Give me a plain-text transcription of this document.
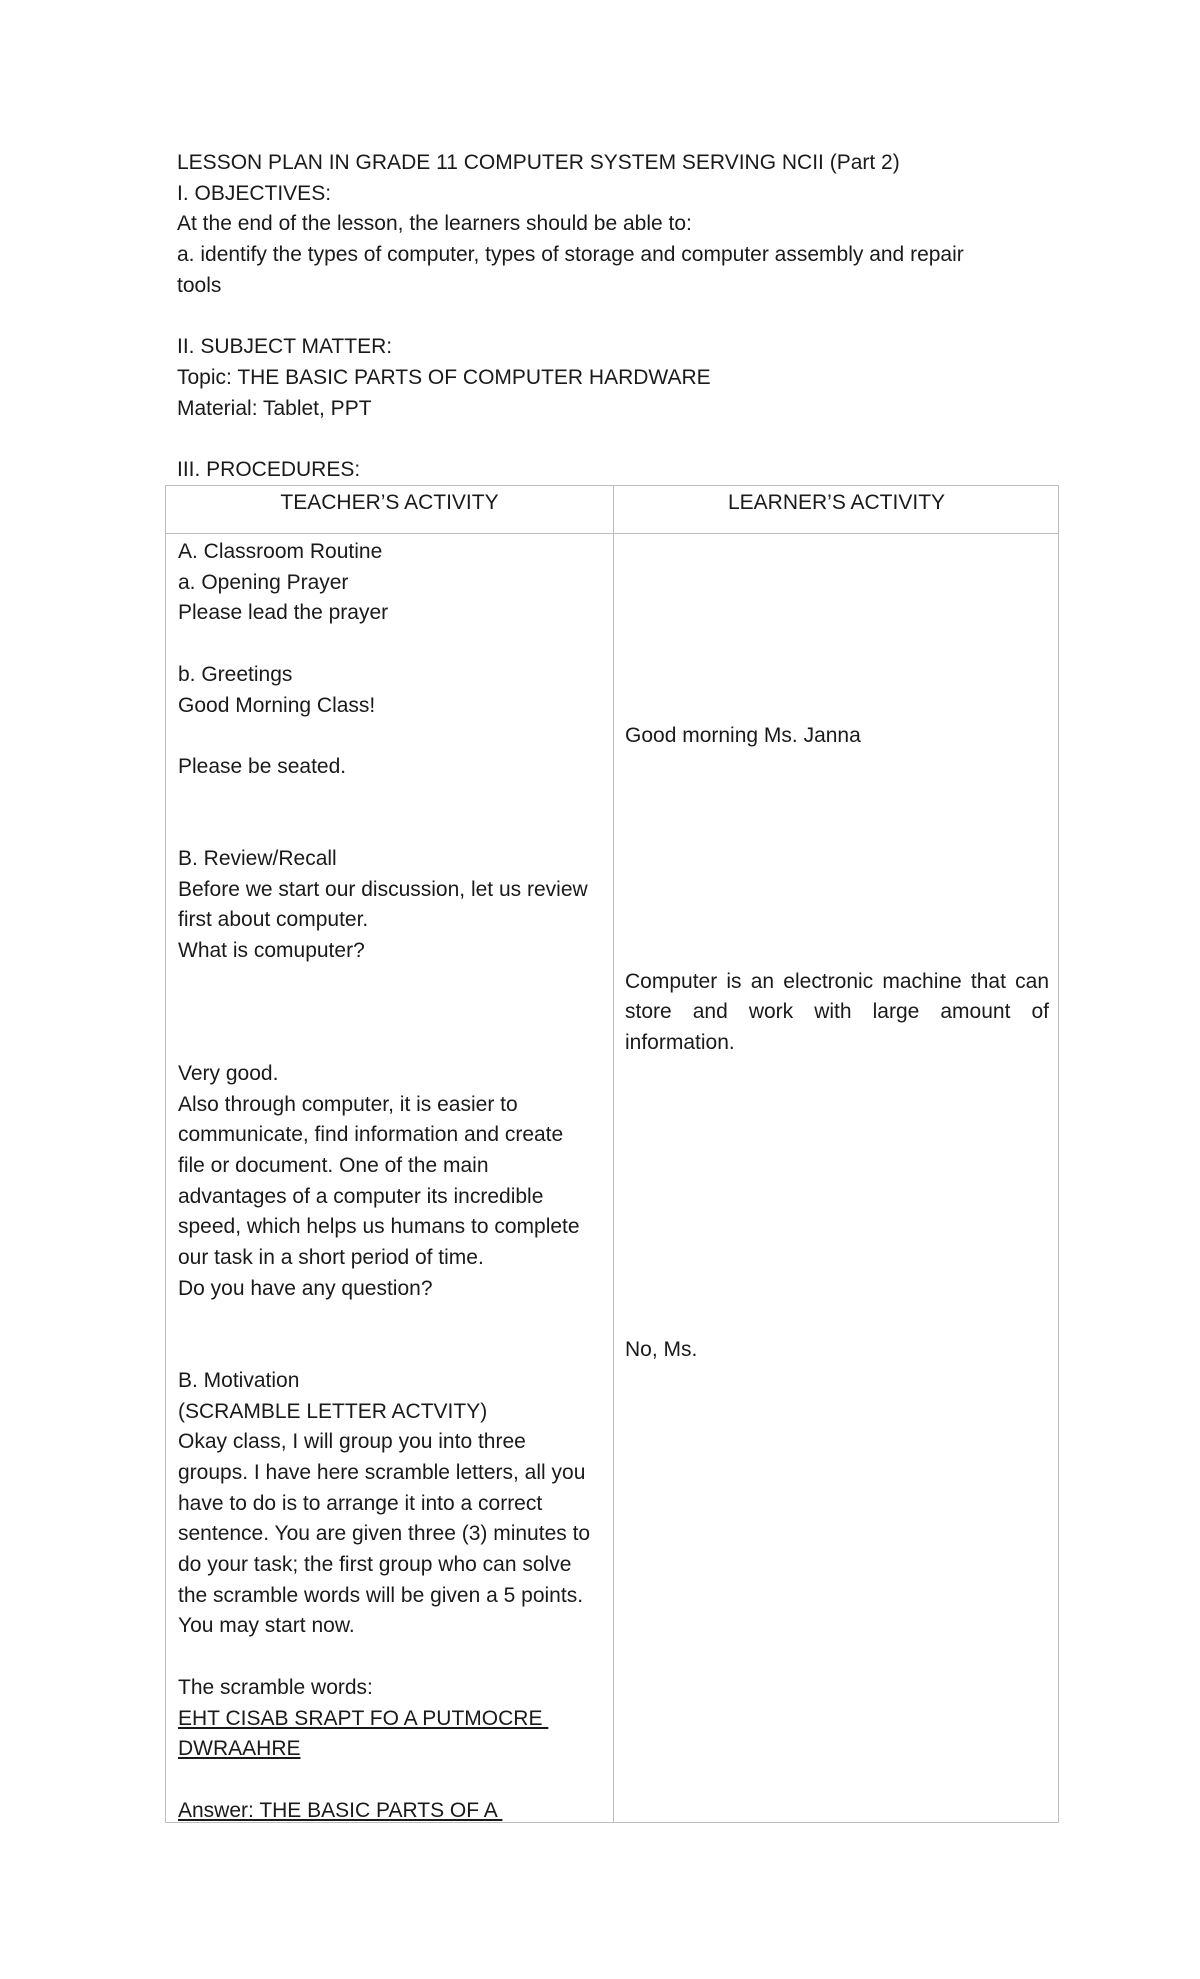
LESSON PLAN IN GRADE 11 COMPUTER SYSTEM SERVING NCII (Part 2)
I. OBJECTIVES:
At the end of the lesson, the learners should be able to:
a. identify the types of computer, types of storage and computer assembly and repair
tools
II. SUBJECT MATTER:
Topic: THE BASIC PARTS OF COMPUTER HARDWARE
Material: Tablet, PPT
III. PROCEDURES:
TEACHER’S ACTIVITY	LEARNER’S ACTIVITY
A. Classroom Routine
a. Opening Prayer
Please lead the prayer
b. Greetings
Good Morning Class!
Please be seated.
B. Review/Recall
Before we start our discussion, let us review
first about computer.
What is comuputer?
Very good.
Also through computer, it is easier to
communicate, find information and create
file or document. One of the main
advantages of a computer its incredible
speed, which helps us humans to complete
our task in a short period of time.
Do you have any question?
B. Motivation
(SCRAMBLE LETTER ACTVITY)
Okay class, I will group you into three
groups. I have here scramble letters, all you
have to do is to arrange it into a correct
sentence. You are given three (3) minutes to
do your task; the first group who can solve
the scramble words will be given a 5 points.
You may start now.
The scramble words:
EHT CISAB SRAPT FO A PUTMOCRE
DWRAAHRE
Answer: THE BASIC PARTS OF A
Good morning Ms. Janna
Computer is an electronic machine that can store and work with large amount of information.
No, Ms.
